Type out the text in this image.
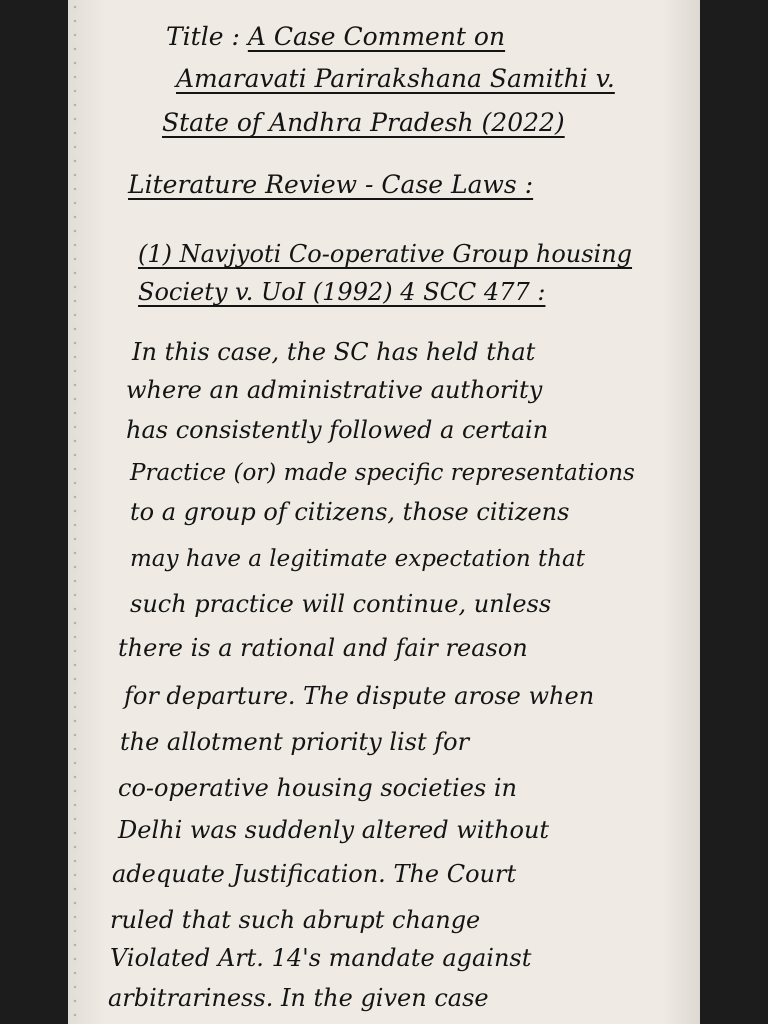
Title : A Case Comment on
Amaravati Parirakshana Samithi v.
State of Andhra Pradesh (2022)
Literature Review - Case Laws :
(1) Navjyoti Co-operative Group housing
Society v. UoI (1992) 4 SCC 477 :
In this case, the SC has held that
where an administrative authority
has consistently followed a certain
Practice (or) made specific representations
to a group of citizens, those citizens
may have a legitimate expectation that
such practice will continue, unless
there is a rational and fair reason
for departure. The dispute arose when
the allotment priority list for
co-operative housing societies in
Delhi was suddenly altered without
adequate Justification. The Court
ruled that such abrupt change
Violated Art. 14's mandate against
arbitrariness. In the given case
